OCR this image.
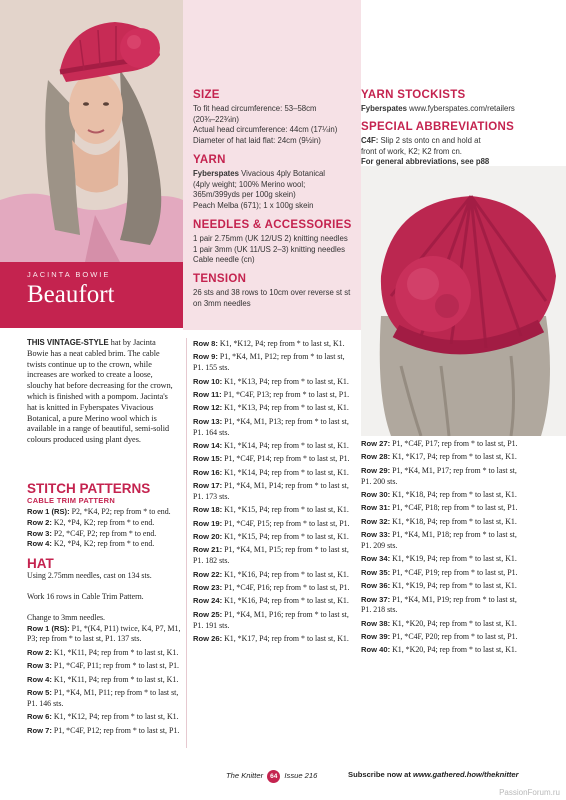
JACINTA BOWIE
Beaufort
SIZE
To fit head circumference: 53–58cm
(20¾–22¾in)
Actual head circumference: 44cm (17¼in)
Diameter of hat laid flat: 24cm (9½in)
YARN
Fyberspates Vivacious 4ply Botanical
(4ply weight; 100% Merino wool;
365m/399yds per 100g skein)
Peach Melba (671); 1 x 100g skein
NEEDLES & ACCESSORIES
1 pair 2.75mm (UK 12/US 2) knitting needles
1 pair 3mm (UK 11/US 2–3) knitting needles
Cable needle (cn)
TENSION
26 sts and 38 rows to 10cm over reverse st st
on 3mm needles
YARN STOCKISTS
Fyberspates www.fyberspates.com/retailers
SPECIAL ABBREVIATIONS
C4F: Slip 2 sts onto cn and hold at front of work, K2; K2 from cn.
For general abbreviations, see p88
THIS VINTAGE-STYLE hat by Jacinta Bowie has a neat cabled brim. The cable twists continue up to the crown, while increases are worked to create a loose, slouchy hat before decreasing for the crown, which is finished with a pompom. Jacinta's hat is knitted in Fyberspates Vivacious Botanical, a pure Merino wool which is available in a range of beautiful, semi-solid colours produced using plant dyes.
STITCH PATTERNS
CABLE TRIM PATTERN
Row 1 (RS): P2, *K4, P2; rep from * to end.
Row 2: K2, *P4, K2; rep from * to end.
Row 3: P2, *C4F, P2; rep from * to end.
Row 4: K2, *P4, K2; rep from * to end.
HAT
Using 2.75mm needles, cast on 134 sts.
Work 16 rows in Cable Trim Pattern.
Change to 3mm needles.
Row 1 (RS): P1, *(K4, P11) twice, K4, P7, M1, P3; rep from * to last st, P1. 137 sts.
Row 2: K1, *K11, P4; rep from * to last st, K1.
Row 3: P1, *C4F, P11; rep from * to last st, P1.
Row 4: K1, *K11, P4; rep from * to last st, K1.
Row 5: P1, *K4, M1, P11; rep from * to last st, P1. 146 sts.
Row 6: K1, *K12, P4; rep from * to last st, K1.
Row 7: P1, *C4F, P12; rep from * to last st, P1.
Row 8: K1, *K12, P4; rep from * to last st, K1.
Row 9: P1, *K4, M1, P12; rep from * to last st, P1. 155 sts.
Row 10: K1, *K13, P4; rep from * to last st, K1.
Row 11: P1, *C4F, P13; rep from * to last st, P1.
Row 12: K1, *K13, P4; rep from * to last st, K1.
Row 13: P1, *K4, M1, P13; rep from * to last st, P1. 164 sts.
Row 14: K1, *K14, P4; rep from * to last st, K1.
Row 15: P1, *C4F, P14; rep from * to last st, P1.
Row 16: K1, *K14, P4; rep from * to last st, K1.
Row 17: P1, *K4, M1, P14; rep from * to last st, P1. 173 sts.
Row 18: K1, *K15, P4; rep from * to last st, K1.
Row 19: P1, *C4F, P15; rep from * to last st, P1.
Row 20: K1, *K15, P4; rep from * to last st, K1.
Row 21: P1, *K4, M1, P15; rep from * to last st, P1. 182 sts.
Row 22: K1, *K16, P4; rep from * to last st, K1.
Row 23: P1, *C4F, P16; rep from * to last st, P1.
Row 24: K1, *K16, P4; rep from * to last st, K1.
Row 25: P1, *K4, M1, P16; rep from * to last st, P1. 191 sts.
Row 26: K1, *K17, P4; rep from * to last st, K1.
Row 27: P1, *C4F, P17; rep from * to last st, P1.
Row 28: K1, *K17, P4; rep from * to last st, K1.
Row 29: P1, *K4, M1, P17; rep from * to last st, P1. 200 sts.
Row 30: K1, *K18, P4; rep from * to last st, K1.
Row 31: P1, *C4F, P18; rep from * to last st, P1.
Row 32: K1, *K18, P4; rep from * to last st, K1.
Row 33: P1, *K4, M1, P18; rep from * to last st, P1. 209 sts.
Row 34: K1, *K19, P4; rep from * to last st, K1.
Row 35: P1, *C4F, P19; rep from * to last st, P1.
Row 36: K1, *K19, P4; rep from * to last st, K1.
Row 37: P1, *K4, M1, P19; rep from * to last st, P1. 218 sts.
Row 38: K1, *K20, P4; rep from * to last st, K1.
Row 39: P1, *C4F, P20; rep from * to last st, P1.
Row 40: K1, *K20, P4; rep from * to last st, K1.
The Knitter 64 Issue 216	Subscribe now at www.gathered.how/theknitter
PassionForum.ru
